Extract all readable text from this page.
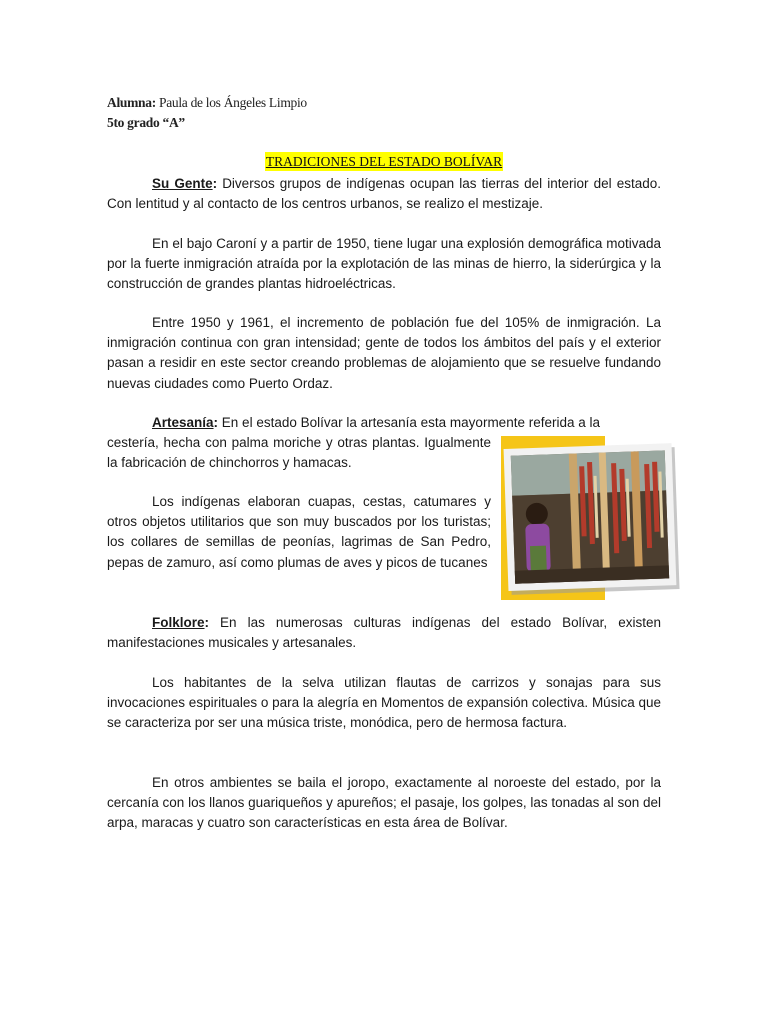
Alumna: Paula de los Ángeles Limpio
5to grado “A”
TRADICIONES DEL ESTADO BOLÍVAR

Su Gente: Diversos grupos de indígenas ocupan las tierras del interior del estado. Con lentitud y al contacto de los centros urbanos, se realizo el mestizaje.

En el bajo Caroní y a partir de 1950, tiene lugar una explosión demográfica motivada por la fuerte inmigración atraída por la explotación de las minas de hierro, la siderúrgica y la construcción de grandes plantas hidroeléctricas.

Entre 1950 y 1961, el incremento de población fue del 105% de inmigración. La inmigración continua con gran intensidad; gente de todos los ámbitos del país y el exterior pasan a residir en este sector creando problemas de alojamiento que se resuelve fundando nuevas ciudades como Puerto Ordaz.

Artesanía: En el estado Bolívar la artesanía esta mayormente referida a la

cestería, hecha con palma moriche y otras plantas. Igualmente la fabricación de chinchorros y hamacas.

Los indígenas elaboran cuapas, cestas, catumares y otros objetos utilitarios que son muy buscados por los turistas; los collares de semillas de peonías, lagrimas de San Pedro, pepas de zamuro, así como plumas de aves y picos de tucanes

Folklore: En las numerosas culturas indígenas del estado Bolívar, existen manifestaciones musicales y artesanales.

Los habitantes de la selva utilizan flautas de carrizos y sonajas para sus invocaciones espirituales o para la alegría en Momentos de expansión colectiva. Música que se caracteriza por ser una música triste, monódica, pero de hermosa factura.

En otros ambientes se baila el joropo, exactamente al noroeste del estado, por la cercanía con los llanos guariqueños y apureños; el pasaje, los golpes, las tonadas al son del arpa, maracas y cuatro son características en esta área de Bolívar.
